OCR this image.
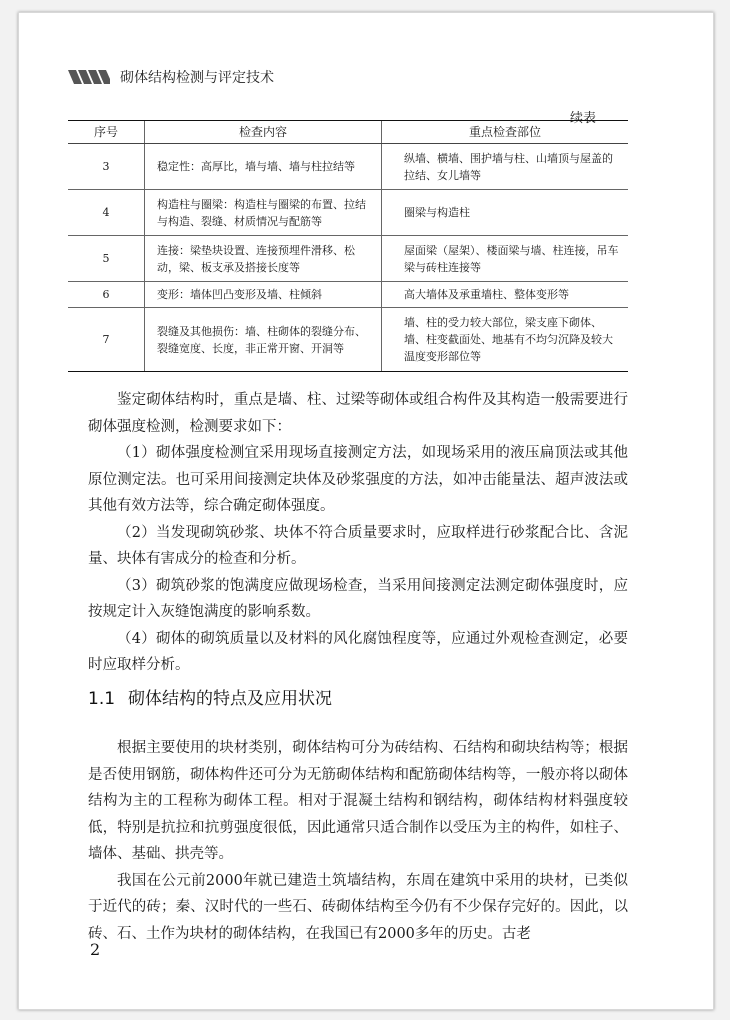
砌体结构检测与评定技术
续表
序号	检查内容	重点检查部位
3	稳定性：高厚比，墙与墙、墙与柱拉结等	纵墙、横墙、围护墙与柱、山墙顶与屋盖的拉结、女儿墙等
4	构造柱与圈梁：构造柱与圈梁的布置、拉结与构造、裂缝、材质情况与配筋等	圈梁与构造柱
5	连接：梁垫块设置、连接预埋件滑移、松动，梁、板支承及搭接长度等	屋面梁（屋架）、楼面梁与墙、柱连接，吊车梁与砖柱连接等
6	变形：墙体凹凸变形及墙、柱倾斜	高大墙体及承重墙柱、整体变形等
7	裂缝及其他损伤：墙、柱砌体的裂缝分布、裂缝宽度、长度，非正常开窗、开洞等	墙、柱的受力较大部位，梁支座下砌体、墙、柱变截面处、地基有不均匀沉降及较大温度变形部位等

鉴定砌体结构时，重点是墙、柱、过梁等砌体或组合构件及其构造一般需要进行砌体强度检测，检测要求如下：

（1）砌体强度检测宜采用现场直接测定方法，如现场采用的液压扁顶法或其他原位测定法。也可采用间接测定块体及砂浆强度的方法，如冲击能量法、超声波法或其他有效方法等，综合确定砌体强度。

（2）当发现砌筑砂浆、块体不符合质量要求时，应取样进行砂浆配合比、含泥量、块体有害成分的检查和分析。

（3）砌筑砂浆的饱满度应做现场检查，当采用间接测定法测定砌体强度时，应按规定计入灰缝饱满度的影响系数。

（4）砌体的砌筑质量以及材料的风化腐蚀程度等，应通过外观检查测定，必要时应取样分析。

1.1 砌体结构的特点及应用状况

根据主要使用的块材类别，砌体结构可分为砖结构、石结构和砌块结构等；根据是否使用钢筋，砌体构件还可分为无筋砌体结构和配筋砌体结构等，一般亦将以砌体结构为主的工程称为砌体工程。相对于混凝土结构和钢结构，砌体结构材料强度较低，特别是抗拉和抗剪强度很低，因此通常只适合制作以受压为主的构件，如柱子、墙体、基础、拱壳等。

我国在公元前2000年就已建造土筑墙结构，东周在建筑中采用的块材，已类似于近代的砖；秦、汉时代的一些石、砖砌体结构至今仍有不少保存完好的。因此，以砖、石、土作为块材的砌体结构，在我国已有2000多年的历史。古老

2
